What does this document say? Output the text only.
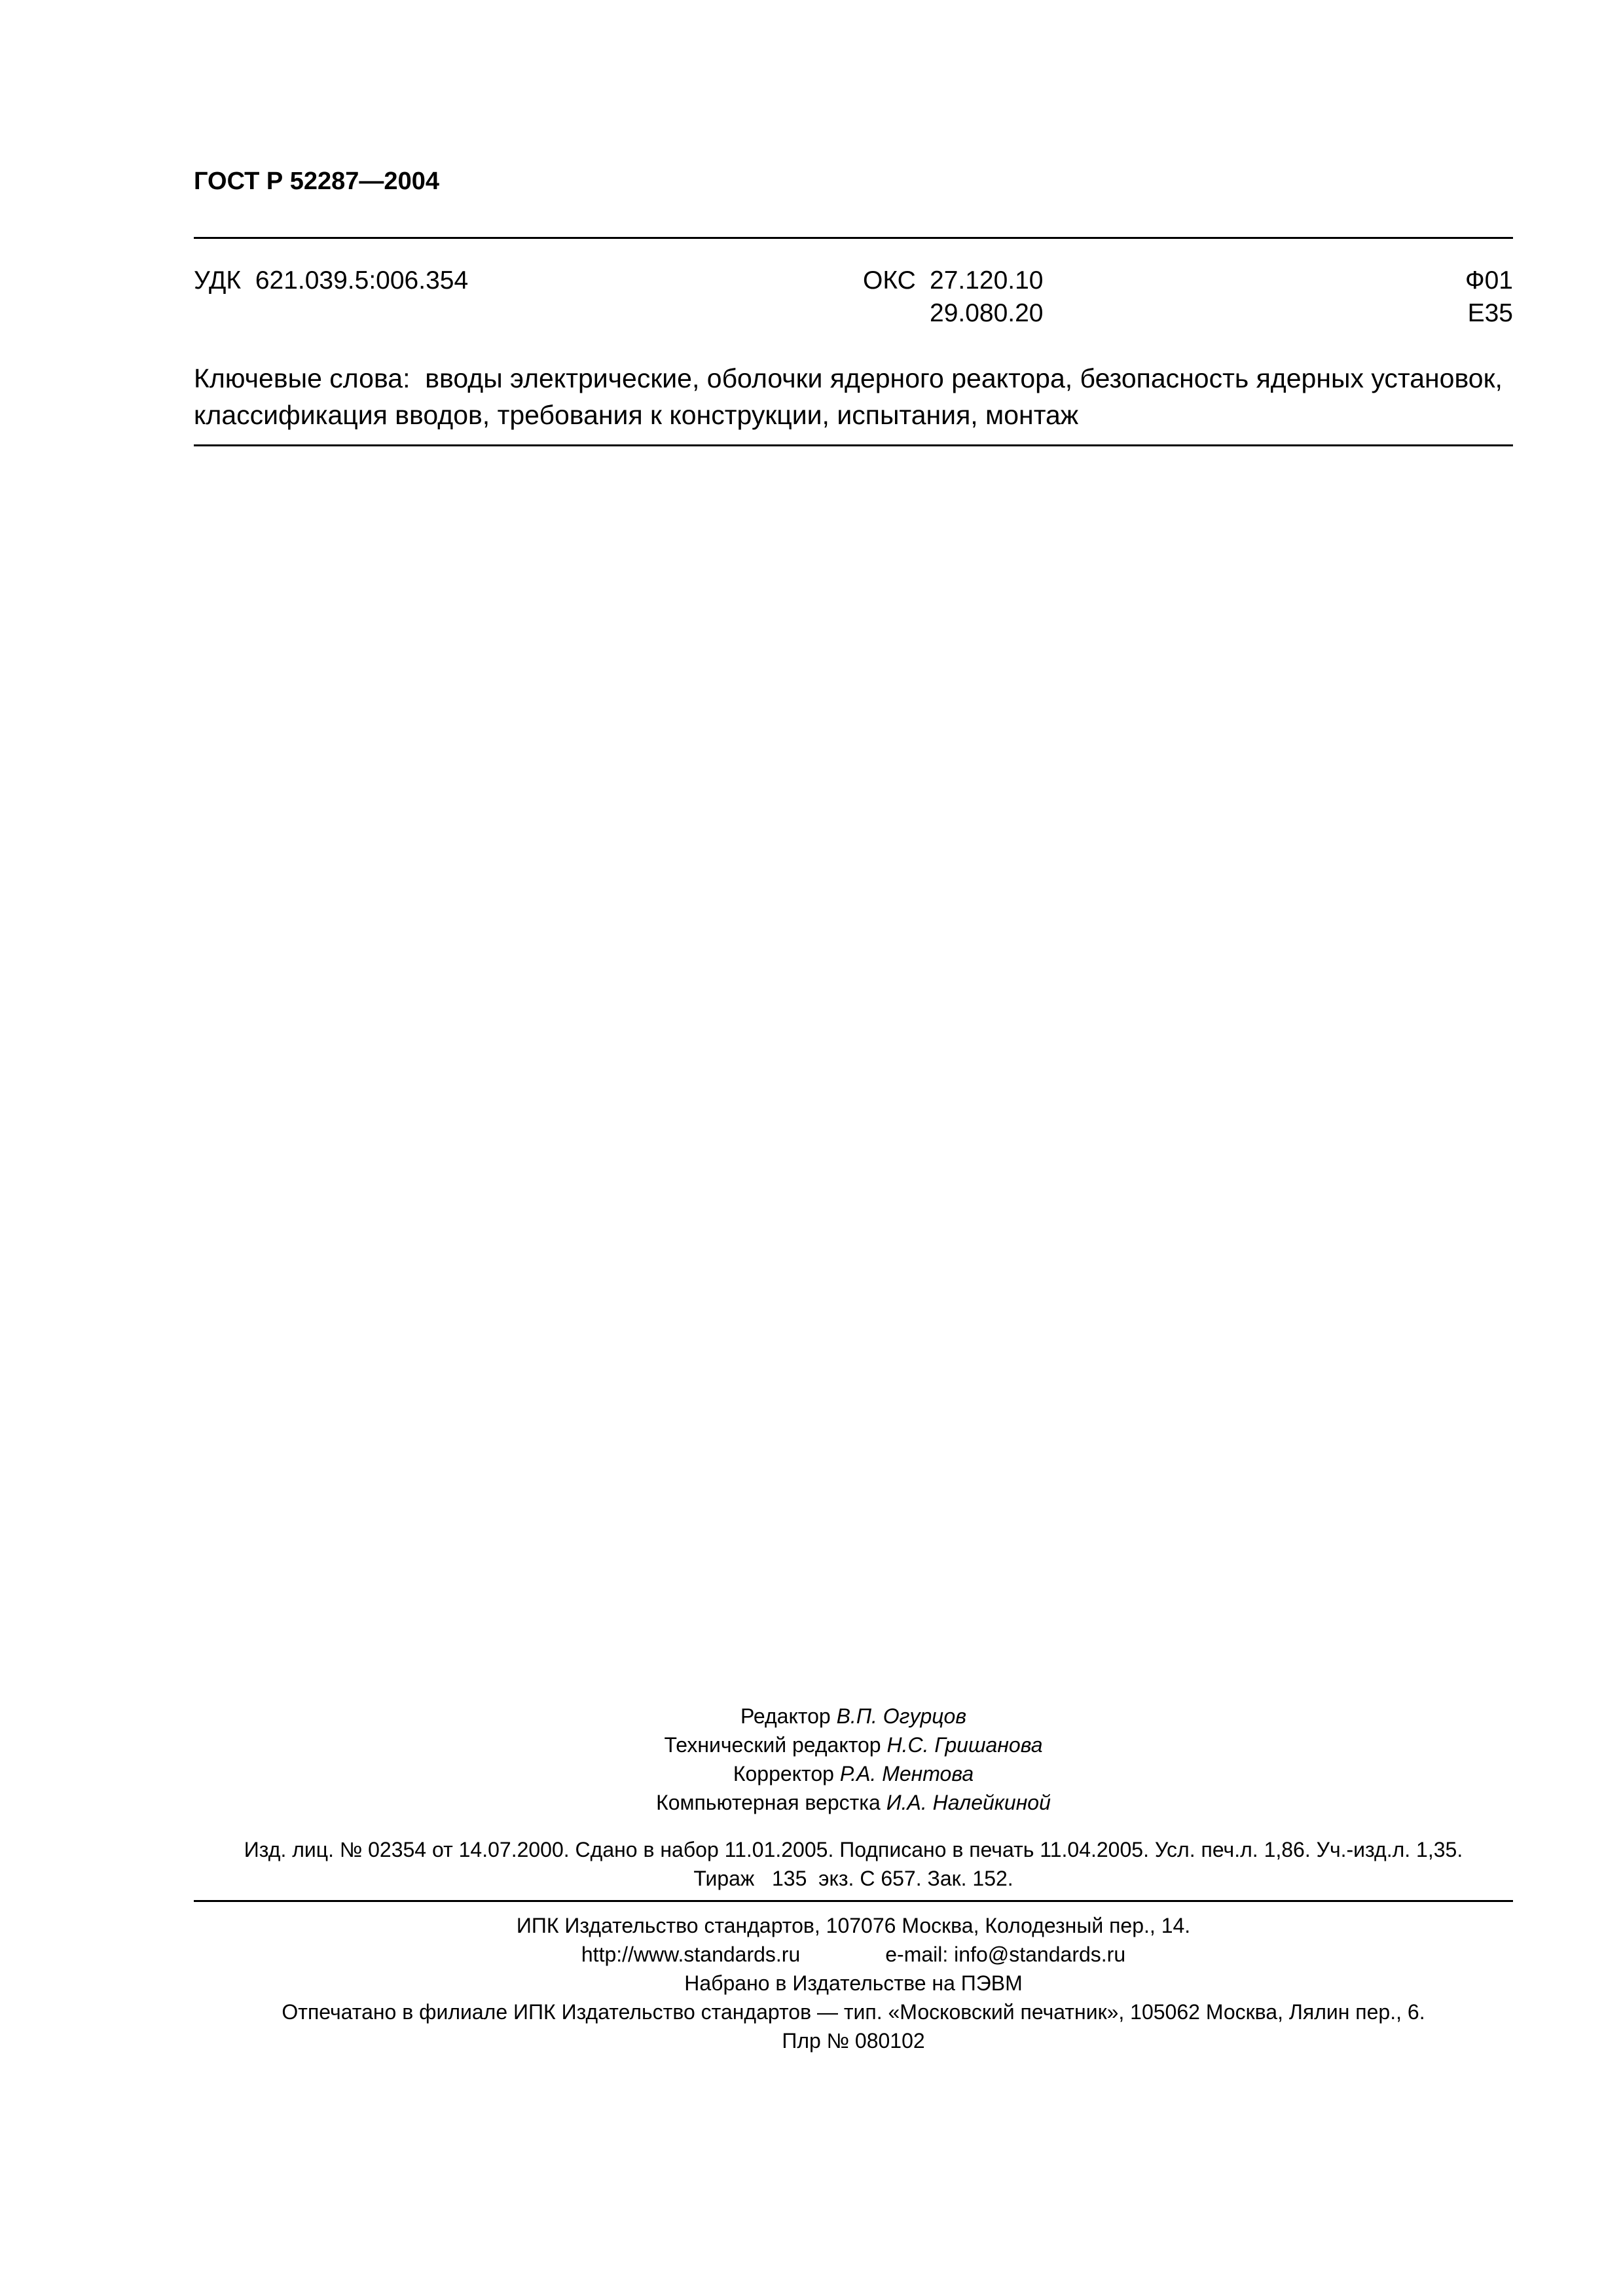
ГОСТ Р 52287—2004
УДК 621.039.5:006.354	ОКС 27.120.10
29.080.20
Ф01
Е35
Ключевые слова: вводы электрические, оболочки ядерного реактора, безопасность ядерных установок, классификация вводов, требования к конструкции, испытания, монтаж
Редактор В.П. Огурцов
Технический редактор Н.С. Гришанова
Корректор Р.А. Ментова
Компьютерная верстка И.А. Налейкиной
Изд. лиц. № 02354 от 14.07.2000. Сдано в набор 11.01.2005. Подписано в печать 11.04.2005. Усл. печ.л. 1,86. Уч.-изд.л. 1,35.
Тираж   135  экз. С 657. Зак. 152.
ИПК Издательство стандартов, 107076 Москва, Колодезный пер., 14.
http://www.standards.ru	e-mail: info@standards.ru
Набрано в Издательстве на ПЭВМ
Отпечатано в филиале ИПК Издательство стандартов — тип. «Московский печатник», 105062 Москва, Лялин пер., 6.
Плр № 080102
